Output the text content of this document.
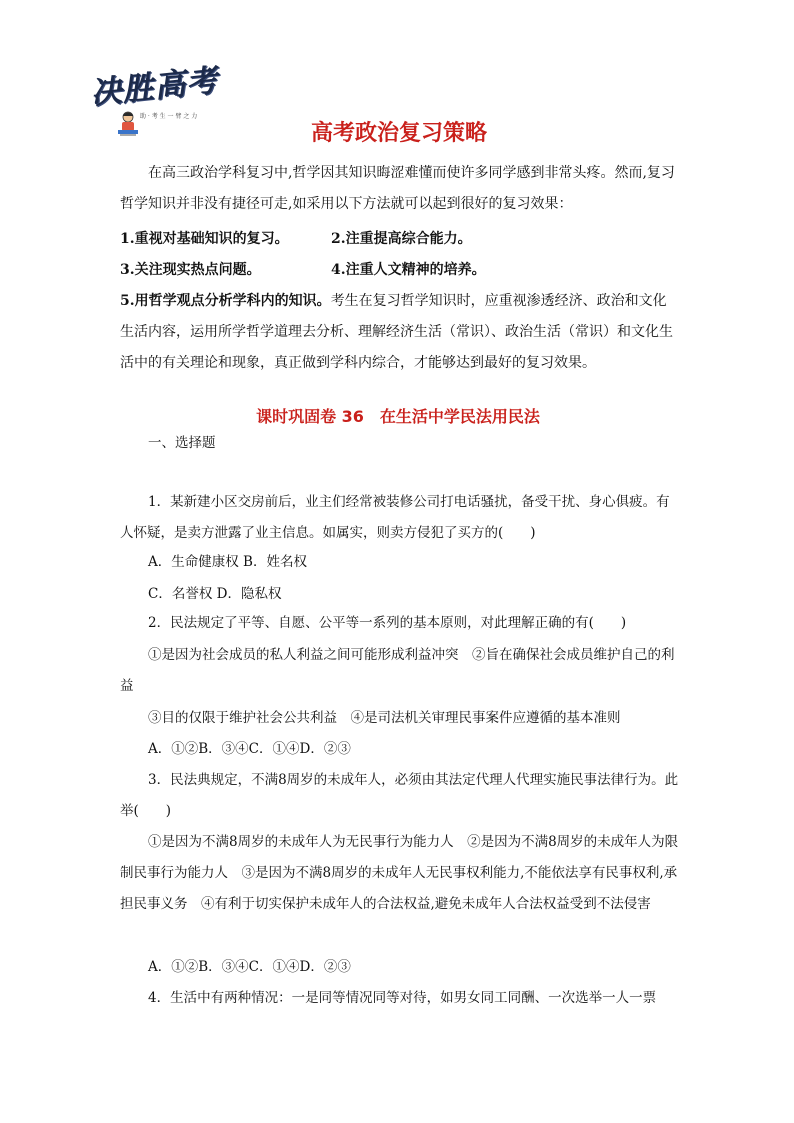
决胜高考
助 · 考 生 一 臂 之 力
高考政治复习策略

在高三政治学科复习中,哲学因其知识晦涩难懂而使许多同学感到非常头疼。然而,复习哲学知识并非没有捷径可走,如采用以下方法就可以起到很好的复习效果：

1.重视对基础知识的复习。	2.注重提高综合能力。
3.关注现实热点问题。	4.注重人文精神的培养。

5.用哲学观点分析学科内的知识。考生在复习哲学知识时，应重视渗透经济、政治和文化生活内容，运用所学哲学道理去分析、理解经济生活（常识）、政治生活（常识）和文化生活中的有关理论和现象，真正做到学科内综合，才能够达到最好的复习效果。

课时巩固卷 36　在生活中学民法用民法
一、选择题

1．某新建小区交房前后，业主们经常被装修公司打电话骚扰，备受干扰、身心俱疲。有人怀疑，是卖方泄露了业主信息。如属实，则卖方侵犯了买方的(　　)

A．生命健康权 B．姓名权
C．名誉权 D．隐私权

2．民法规定了平等、自愿、公平等一系列的基本原则，对此理解正确的有(　　)

①是因为社会成员的私人利益之间可能形成利益冲突　②旨在确保社会成员维护自己的利益

③目的仅限于维护社会公共利益　④是司法机关审理民事案件应遵循的基本准则

A．①②B．③④C．①④D．②③

3．民法典规定，不满8周岁的未成年人，必须由其法定代理人代理实施民事法律行为。此举(　　)

①是因为不满8周岁的未成年人为无民事行为能力人　②是因为不满8周岁的未成年人为限制民事行为能力人　③是因为不满8周岁的未成年人无民事权利能力,不能依法享有民事权利,承担民事义务　④有利于切实保护未成年人的合法权益,避免未成年人合法权益受到不法侵害

A．①②B．③④C．①④D．②③

4．生活中有两种情况：一是同等情况同等对待，如男女同工同酬、一次选举一人一票
